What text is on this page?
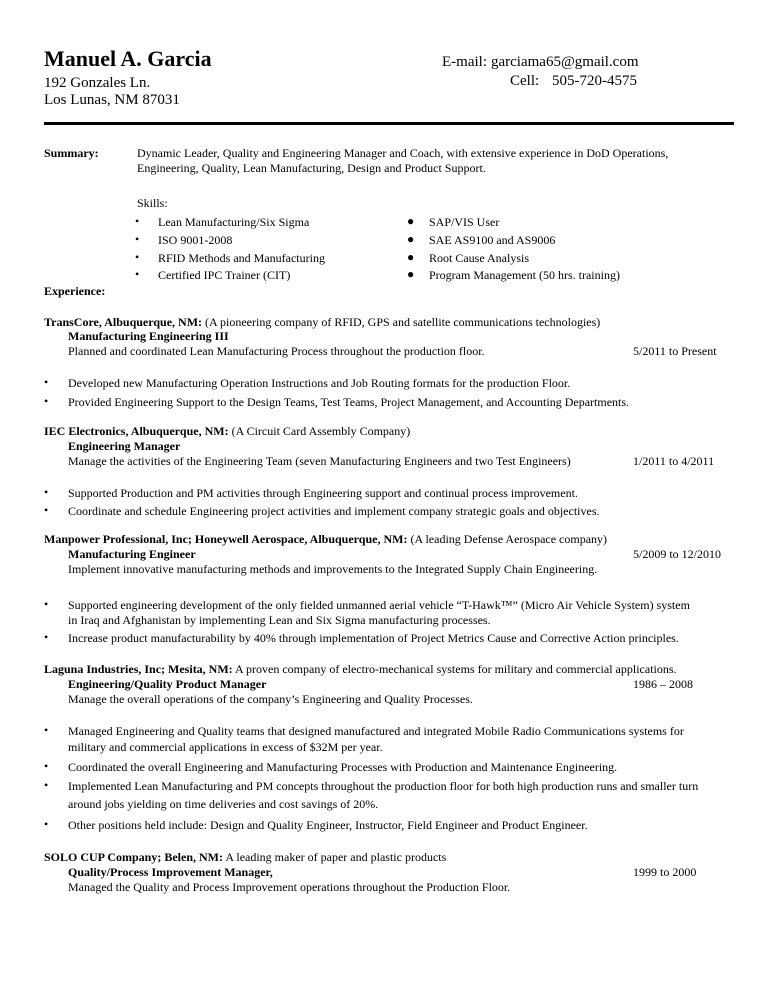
Manuel A. Garcia
192 Gonzales Ln.
Los Lunas, NM 87031
E-mail: garciama65@gmail.com
Cell: 505-720-4575
Summary:	Dynamic Leader, Quality and Engineering Manager and Coach, with extensive experience in DoD Operations,
Engineering, Quality, Lean Manufacturing, Design and Product Support.
Skills:
• Lean Manufacturing/Six Sigma
• ISO 9001-2008
• RFID Methods and Manufacturing
• Certified IPC Trainer (CIT)
● SAP/VIS User
● SAE AS9100 and AS9006
● Root Cause Analysis
● Program Management (50 hrs. training)
Experience:
TransCore, Albuquerque, NM: (A pioneering company of RFID, GPS and satellite communications technologies)
Manufacturing Engineering III
Planned and coordinated Lean Manufacturing Process throughout the production floor.	5/2011 to Present
• Developed new Manufacturing Operation Instructions and Job Routing formats for the production Floor.
• Provided Engineering Support to the Design Teams, Test Teams, Project Management, and Accounting Departments.
IEC Electronics, Albuquerque, NM: (A Circuit Card Assembly Company)
Engineering Manager
Manage the activities of the Engineering Team (seven Manufacturing Engineers and two Test Engineers)	1/2011 to 4/2011
• Supported Production and PM activities through Engineering support and continual process improvement.
• Coordinate and schedule Engineering project activities and implement company strategic goals and objectives.
Manpower Professional, Inc; Honeywell Aerospace, Albuquerque, NM: (A leading Defense Aerospace company)
Manufacturing Engineer	5/2009 to 12/2010
Implement innovative manufacturing methods and improvements to the Integrated Supply Chain Engineering.
• Supported engineering development of the only fielded unmanned aerial vehicle “T-Hawk™” (Micro Air Vehicle System) system
in Iraq and Afghanistan by implementing Lean and Six Sigma manufacturing processes.
• Increase product manufacturability by 40% through implementation of Project Metrics Cause and Corrective Action principles.
Laguna Industries, Inc; Mesita, NM: A proven company of electro-mechanical systems for military and commercial applications.
Engineering/Quality Product Manager	1986 – 2008
Manage the overall operations of the company’s Engineering and Quality Processes.
• Managed Engineering and Quality teams that designed manufactured and integrated Mobile Radio Communications systems for
military and commercial applications in excess of $32M per year.
• Coordinated the overall Engineering and Manufacturing Processes with Production and Maintenance Engineering.
• Implemented Lean Manufacturing and PM concepts throughout the production floor for both high production runs and smaller turn
around jobs yielding on time deliveries and cost savings of 20%.
• Other positions held include: Design and Quality Engineer, Instructor, Field Engineer and Product Engineer.
SOLO CUP Company; Belen, NM: A leading maker of paper and plastic products
Quality/Process Improvement Manager,	1999 to 2000
Managed the Quality and Process Improvement operations throughout the Production Floor.
